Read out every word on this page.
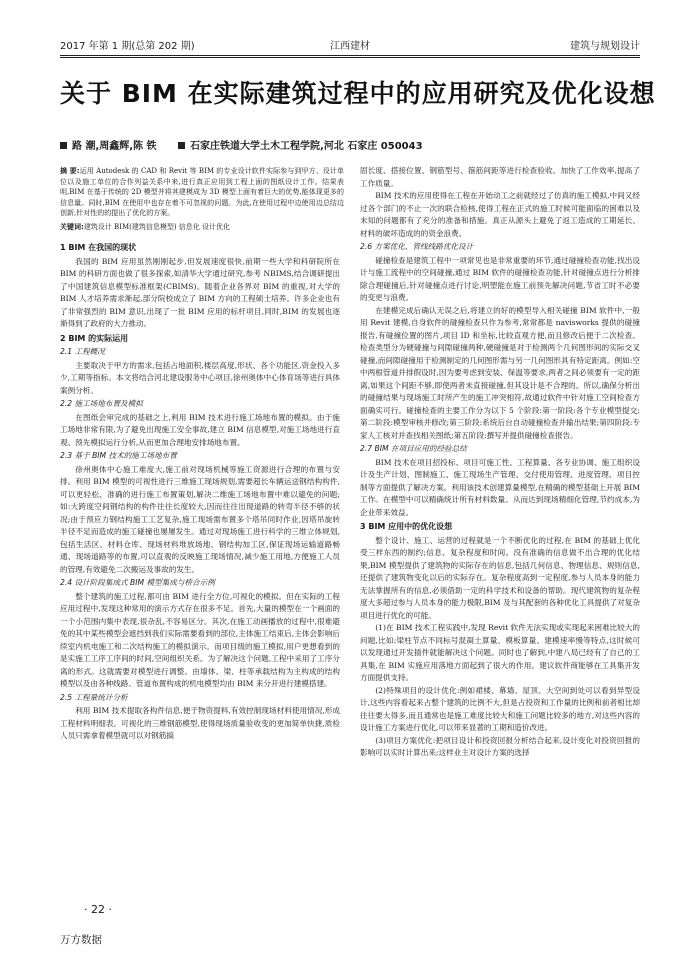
2017 年第 1 期(总第 202 期)	江西建材	建筑与规划设计
关于 BIM 在实际建筑过程中的应用研究及优化设想
路 潮,周鑫辉,陈 铁	石家庄铁道大学土木工程学院,河北 石家庄 050043
摘 要:运用 Autodesk 的 CAD 和 Revit 等 BIM 的专业设计软件实际参与到甲方、设计单位以及施工单位的合作列益关系中来,进行真正应用到工程上面的图纸设计工作。结果表明,BIM 在基于传统的 2D 模型并将其建模成为 3D 模型上面有着巨大的优势,能体现更多的信息量。同时,BIM 在使用中也存在着不可忽视的问题。为此,在使用过程中边使用边总结边创新,针对性的的提出了优化的方案。
关键词:建筑设计 BIM(建筑信息模型) 信息化 设计优化
1 BIM 在我国的现状
我国的 BIM 应用虽然刚刚起步,但发展速度很快,前期一些大学和科研院所在 BIM 的科研方面也做了很多探索,如清华大学通过研究,参考 NBIMS,结合调研提出了中国建筑信息模型标准框架(CBIMS)。随着企业各界对 BIM 的重视,对大学的 BIM 人才培养需求渐起,部分院校成立了 BIM 方向的工程硕士培养。许多企业也有了非常强烈的 BIM 意识,出现了一批 BIM 应用的标杆项目,同时,BIM 的发展也逐渐得到了政府的大力推动。
2 BIM 的实际运用
2.1 工程概况
主要取决于甲方的需求,包括占地面积,楼层高度,形状、各个功能区,资金投入多少,工期等指标。本文将结合河北建设服务中心项目,徐州奥体中心体育场等进行具体案例分析。
2.2 施工场地布置及模拟
在图纸会审完成的基础之上,利用 BIM 技术进行施工场地布置的模拟。由于施工场地非常有限,为了避免出现施工安全事故,建立 BIM 信息模型,对施工场地进行直观、预先模拟运行分析,从而更加合理地安排场地布置。
2.3 基于 BIM 技术的施工场地布置
徐州奥体中心施工难度大,施工前对现场机械等施工资源进行合理的布置与安排。利用 BIM 模型的可视性进行三维施工现场规划,需要超长车辆运送钢结构构件,可以更轻松、准确的进行施工布置策划,解决二维施工场地布置中难以避免的问题;如:大跨度空间钢结构的构件往往长度较大,因而往往出现道路的转弯半径不够的状况;由于预应力钢结构施工工艺复杂,施工现场需布置多个塔吊同时作业,因塔吊旋转半径不足而造成的施工碰撞也屡屡发生。通过对现场施工进行科学的三维立体规划,包括生活区、材料仓库、现场材料堆放场地、钢结构加工区,保证现场运输道路畅通、现场道路等的布置,可以直观的反映施工现场情况,减少施工用地,方便施工人员的管理,有效避免二次搬运及事故的发生。
2.4 设计阶段集成式 BIM 模型集成与桥合示例
整个建筑的施工过程,都可由 BIM 进行全方位,可视化的模拟。但在实际的工程应用过程中,发现这种常用的演示方式存在很多不足。首先,大量的模型在一个画面的一个小范围内集中表现,很杂乱,不容易区分。其次,在施工动画播放的过程中,很难避免的其中某些模型会遮挡到我们实际需要看到的部位,主体施工结束后,主体会影响后续室内机电施工和二次结构施工的模拟演示。而项目级的施工模拟,用户更想看到的是实施工工序工序间的时间,空间组织关系。为了解决这个问题,工程中采用了工序分离的形式。这就需要对模型进行调整。由墙体、梁、柱等承载结构为主构成的结构模型以及由各种线路、管道布置构成的机电模型均由 BIM 来分开进行建模搭建。
2.5 工程量统计分析
利用 BIM 技术提取各构件信息,便于物资提料,有效控制现场材料使用情况,形成工程材料明细表。可视化的三维钢筋模型,使得现场质量验收变的更加简单快捷,质检人员只需拿着模型就可以对钢筋搞
固长度、搭接位置、钢筋型号、箍筋间距等进行检查验收。加快了工作效率,提高了工作质量。
BIM 技术的应用使得在工程在开始动工之前就经过了仿真的施工模拟,中间又经过各个部门的不止一次的联合检核,使得工程在正式的施工时候可能面临的困难以及未知的问题都有了充分的准备和措施。真正从源头上避免了返工造成的工期延长、材料的破坏造成的的资金浪费。
2.6 方案优化、管线线路优化设计
碰撞检查是建筑工程中一项常见也是非常重要的环节,通过碰撞检查功能,找出设计与施工流程中的空间碰撞,通过 BIM 软件的碰撞检查功能,针对碰撞点进行分析排除合理碰撞后,针对碰撞点进行讨论,明塑能在施工前预先解决问题,节省工时不必要的变更与浪费。
在建模完成后确认无误之后,将建立的好的模型导入相关碰撞 BIM 软件中,一般用 Revit 建模,自身软件的碰撞检查只作为参考,常常都是 navisworks 提供的碰撞报告,有碰撞位置的图片,项目 ID 和坐标,比较直观方便,而且修改后便于二次检查。检查类型分为硬碰撞与间隙碰撞两种,硬碰撞是对于检测两个几何图形间的实际交叉碰撞,而间隙碰撞用于检测制定的几何图形需与另一几何图形具有特定距离。例如:空中两根管道并排假设时,因为要考虑到安装、保温等要求,两者之间必须要有一定的距离,如果这个间距不够,即使两者未直接碰撞,但其设计是不合理的。所以,确保分析出的碰撞结果与现场施工时所产生的施工冲突相符,故通过软件中针对施工空间检查方面确实可行。碰撞检查的主要工作分为以下 5 个阶段:第一阶段:各个专业模型提交;第二阶段:模型审核并修改;第三阶段:系统后台自动碰撞检查并输出结果;第四阶段:专家人工核对并查找相关图纸;第五阶段:撰写并提供碰撞检查报告。
2.7 BIM 在项目应用的经验总结
BIM 技术在项目招投标、项目可施工性、工程算量、各专业协调、施工组织设计及生产计划、图制施工、施工现场生产管理、交付使用管理、进度管理、项目控制等方面提供了解决方案。利用该技术创建算量模型,在精确的模型基础上开展 BIM 工作。在模型中可以精确统计所有材料数量。从而达到现场精细化管理,节约成本,为企业带来效益。
3 BIM 应用中的优化设想
整个设计、施工、运营的过程就是一个不断优化的过程,在 BIM 的基础上优化受三样东西的制约;信息、复杂程度和时间。没有准确的信息做不出合理的优化结果,BIM 模型提供了建筑物的实际存在的信息,包括几何信息、物理信息、规则信息,还提供了建筑物变化以后的实际存在。复杂程度高到一定程度,参与人员本身的能力无法掌握所有的信息,必须借助一定的科学技术和设备的帮助。现代建筑物的复杂程度大多超过参与人员本身的能力极限,BIM 及与其配套的各种优化工具提供了对复杂项目进行优化的可能。
(1)在 BIM 技术工程实践中,发现 Revit 软件无法实现或实现起来困难比较大的问题,比如:梁柱节点不同标号混凝土算量、模板算量、建模速率慢等特点,这时候可以发现通过开发插件就能解决这个问题。同时也了解到,中建八局已经有了自己的工具集,在 BIM 实施应用落地方面起到了很大的作用。建议软件商能够在工具集开发方面提供支持。
(2)特殊项目的设计优化:例如裙楼、幕墙、屋顶、大空间到处可以看到异型设计,这些内容看起来占整个建筑的比例不大,但是占投资和工作量的比例和前者相比却往往要大得多,而且通常也是施工难度比较大和施工问题比较多的地方,对这些内容的设计施工方案进行优化,可以带来显著的工期和造价改进。
(3)项目方案优化:把项目设计和投资回报分析结合起来,设计变化对投资回报的影响可以实时计算出来;这样业主对设计方案的选择
· 22 ·
万方数据
